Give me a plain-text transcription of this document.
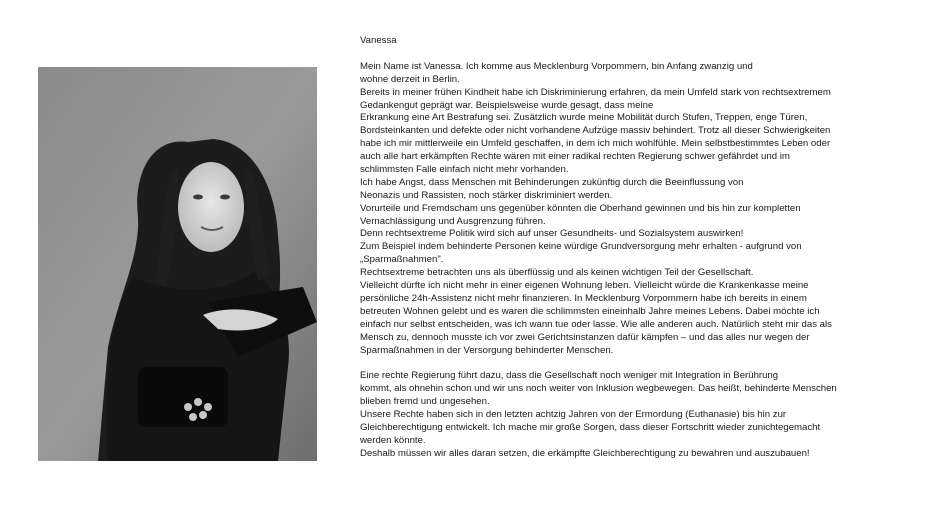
Vanessa
Mein Name ist Vanessa. Ich komme aus Mecklenburg Vorpommern, bin Anfang zwanzig und
wohne derzeit in Berlin.
Bereits in meiner frühen Kindheit habe ich Diskriminierung erfahren, da mein Umfeld stark von rechtsextremem
Gedankengut geprägt war. Beispielsweise wurde gesagt, dass meine
Erkrankung eine Art Bestrafung sei. Zusätzlich wurde meine Mobilität durch Stufen, Treppen, enge Türen,
Bordsteinkanten und defekte oder nicht vorhandene Aufzüge massiv behindert. Trotz all dieser Schwierigkeiten
habe ich mir mittlerweile ein Umfeld geschaffen, in dem ich mich wohlfühle. Mein selbstbestimmtes Leben oder
auch alle hart erkämpften Rechte wären mit einer radikal rechten Regierung schwer gefährdet und im
schlimmsten Falle einfach nicht mehr vorhanden.
Ich habe Angst, dass Menschen mit Behinderungen zukünftig durch die Beeinflussung von
Neonazis und Rassisten, noch stärker diskriminiert werden.
Vorurteile und Fremdscham uns gegenüber könnten die Oberhand gewinnen und bis hin zur kompletten
Vernachlässigung und Ausgrenzung führen.
Denn rechtsextreme Politik wird sich auf unser Gesundheits- und Sozialsystem auswirken!
Zum Beispiel indem behinderte Personen keine würdige Grundversorgung mehr erhalten - aufgrund von
„Sparmaßnahmen".
Rechtsextreme betrachten uns als überflüssig und als keinen wichtigen Teil der Gesellschaft.
Vielleicht dürfte ich nicht mehr in einer eigenen Wohnung leben. Vielleicht würde die Krankenkasse meine
persönliche 24h-Assistenz nicht mehr finanzieren. In Mecklenburg Vorpommern habe ich bereits in einem
betreuten Wohnen gelebt und es waren die schlimmsten eineinhalb Jahre meines Lebens. Dabei möchte ich
einfach nur selbst entscheiden, was ich wann tue oder lasse. Wie alle anderen auch. Natürlich steht mir das als
Mensch zu, dennoch musste ich vor zwei Gerichtsinstanzen dafür kämpfen – und das alles nur wegen der
Sparmaßnahmen in der Versorgung behinderter Menschen.
Eine rechte Regierung führt dazu, dass die Gesellschaft noch weniger mit Integration in Berührung
kommt, als ohnehin schon und wir uns noch weiter von Inklusion wegbewegen. Das heißt, behinderte Menschen
blieben fremd und ungesehen.
Unsere Rechte haben sich in den letzten achtzig Jahren von der Ermordung (Euthanasie) bis hin zur
Gleichberechtigung entwickelt. Ich mache mir große Sorgen, dass dieser Fortschritt wieder zunichtegemacht
werden könnte.
Deshalb müssen wir alles daran setzen, die erkämpfte Gleichberechtigung zu bewahren und auszubauen!
